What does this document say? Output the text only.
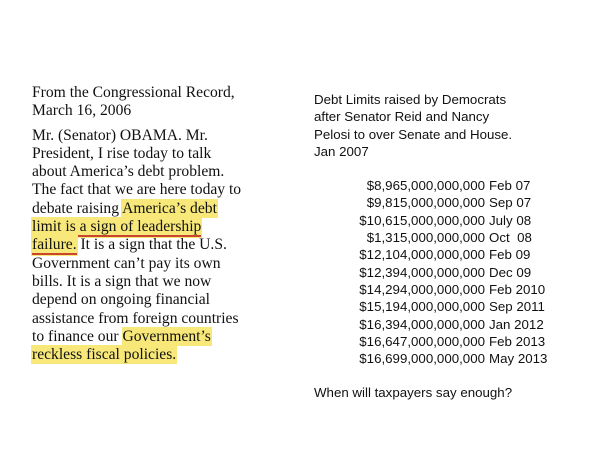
From the Congressional Record,
March 16, 2006
Mr. (Senator) OBAMA. Mr.
President, I rise today to talk
about America’s debt problem.
The fact that we are here today to
debate raising America’s debt
limit is a sign of leadership
failure. It is a sign that the U.S.
Government can’t pay its own
bills. It is a sign that we now
depend on ongoing financial
assistance from foreign countries
to finance our Government’s
reckless fiscal policies.
Debt Limits raised by Democrats
after Senator Reid and Nancy
Pelosi to over Senate and House.
Jan 2007
$8,965,000,000,000 Feb 07
$9,815,000,000,000 Sep 07
$10,615,000,000,000 July 08
$1,315,000,000,000 Oct  08
$12,104,000,000,000 Feb 09
$12,394,000,000,000 Dec 09
$14,294,000,000,000 Feb 2010
$15,194,000,000,000 Sep 2011
$16,394,000,000,000 Jan 2012
$16,647,000,000,000 Feb 2013
$16,699,000,000,000 May 2013
When will taxpayers say enough?
